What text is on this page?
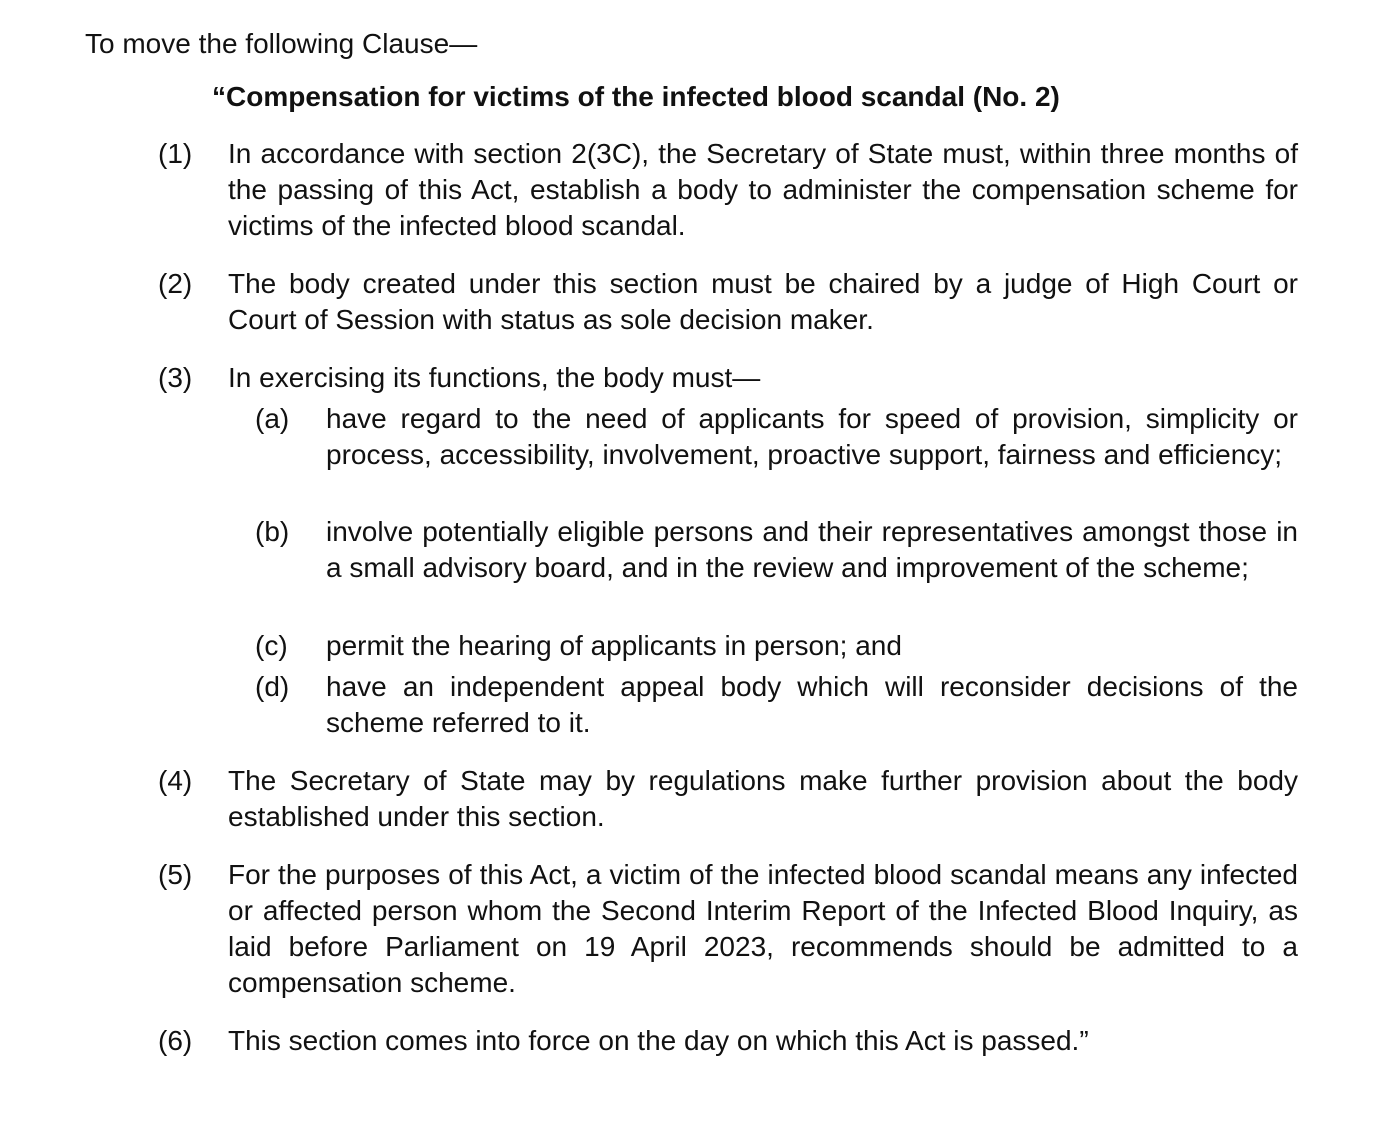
To move the following Clause—
“Compensation for victims of the infected blood scandal (No. 2)
(1)	In accordance with section 2(3C), the Secretary of State must, within three months of the passing of this Act, establish a body to administer the compensation scheme for victims of the infected blood scandal.
(2)	The body created under this section must be chaired by a judge of High Court or Court of Session with status as sole decision maker.
(3)	In exercising its functions, the body must—
(a)	have regard to the need of applicants for speed of provision, simplicity or process, accessibility, involvement, proactive support, fairness and efficiency;
(b)	involve potentially eligible persons and their representatives amongst those in a small advisory board, and in the review and improvement of the scheme;
(c)	permit the hearing of applicants in person; and
(d)	have an independent appeal body which will reconsider decisions of the scheme referred to it.
(4)	The Secretary of State may by regulations make further provision about the body established under this section.
(5)	For the purposes of this Act, a victim of the infected blood scandal means any infected or affected person whom the Second Interim Report of the Infected Blood Inquiry, as laid before Parliament on 19 April 2023, recommends should be admitted to a compensation scheme.
(6)	This section comes into force on the day on which this Act is passed.”
